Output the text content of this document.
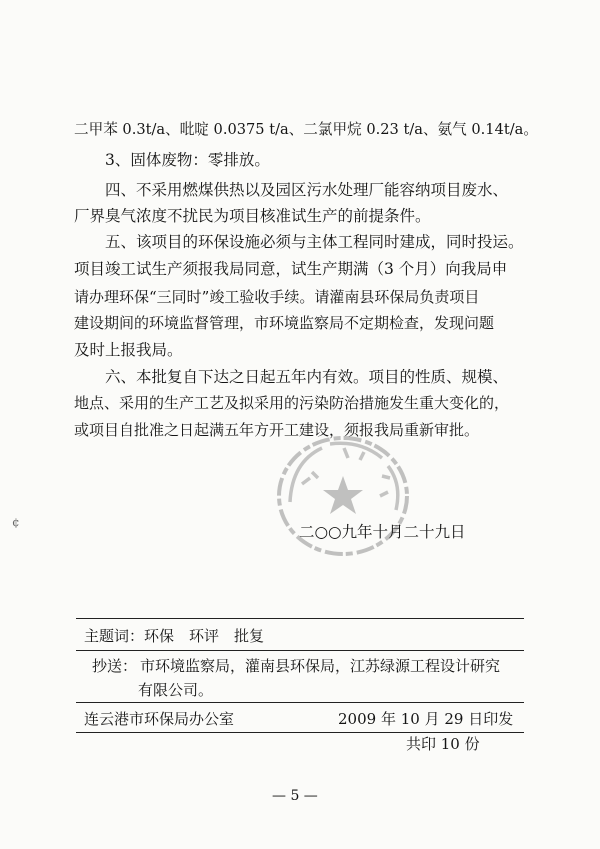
二甲苯 0.3t/a、吡啶 0.0375 t/a、二氯甲烷 0.23 t/a、氨气 0.14t/a。
3、固体废物：零排放。
四、不采用燃煤供热以及园区污水处理厂能容纳项目废水、
厂界臭气浓度不扰民为项目核准试生产的前提条件。
五、该项目的环保设施必须与主体工程同时建成，同时投运。
项目竣工试生产须报我局同意，试生产期满（3 个月）向我局申
请办理环保“三同时”竣工验收手续。请灌南县环保局负责项目
建设期间的环境监督管理，市环境监察局不定期检查，发现问题
及时上报我局。
六、本批复自下达之日起五年内有效。项目的性质、规模、
地点、采用的生产工艺及拟采用的污染防治措施发生重大变化的，
或项目自批准之日起满五年方开工建设，须报我局重新审批。
¢
二○○九年十月二十九日
主题词： 环保　环评　批复
抄送： 市环境监察局，灌南县环保局，江苏绿源工程设计研究
有限公司。
连云港市环保局办公室	2009 年 10 月 29 日印发
共印 10 份
— 5 —
